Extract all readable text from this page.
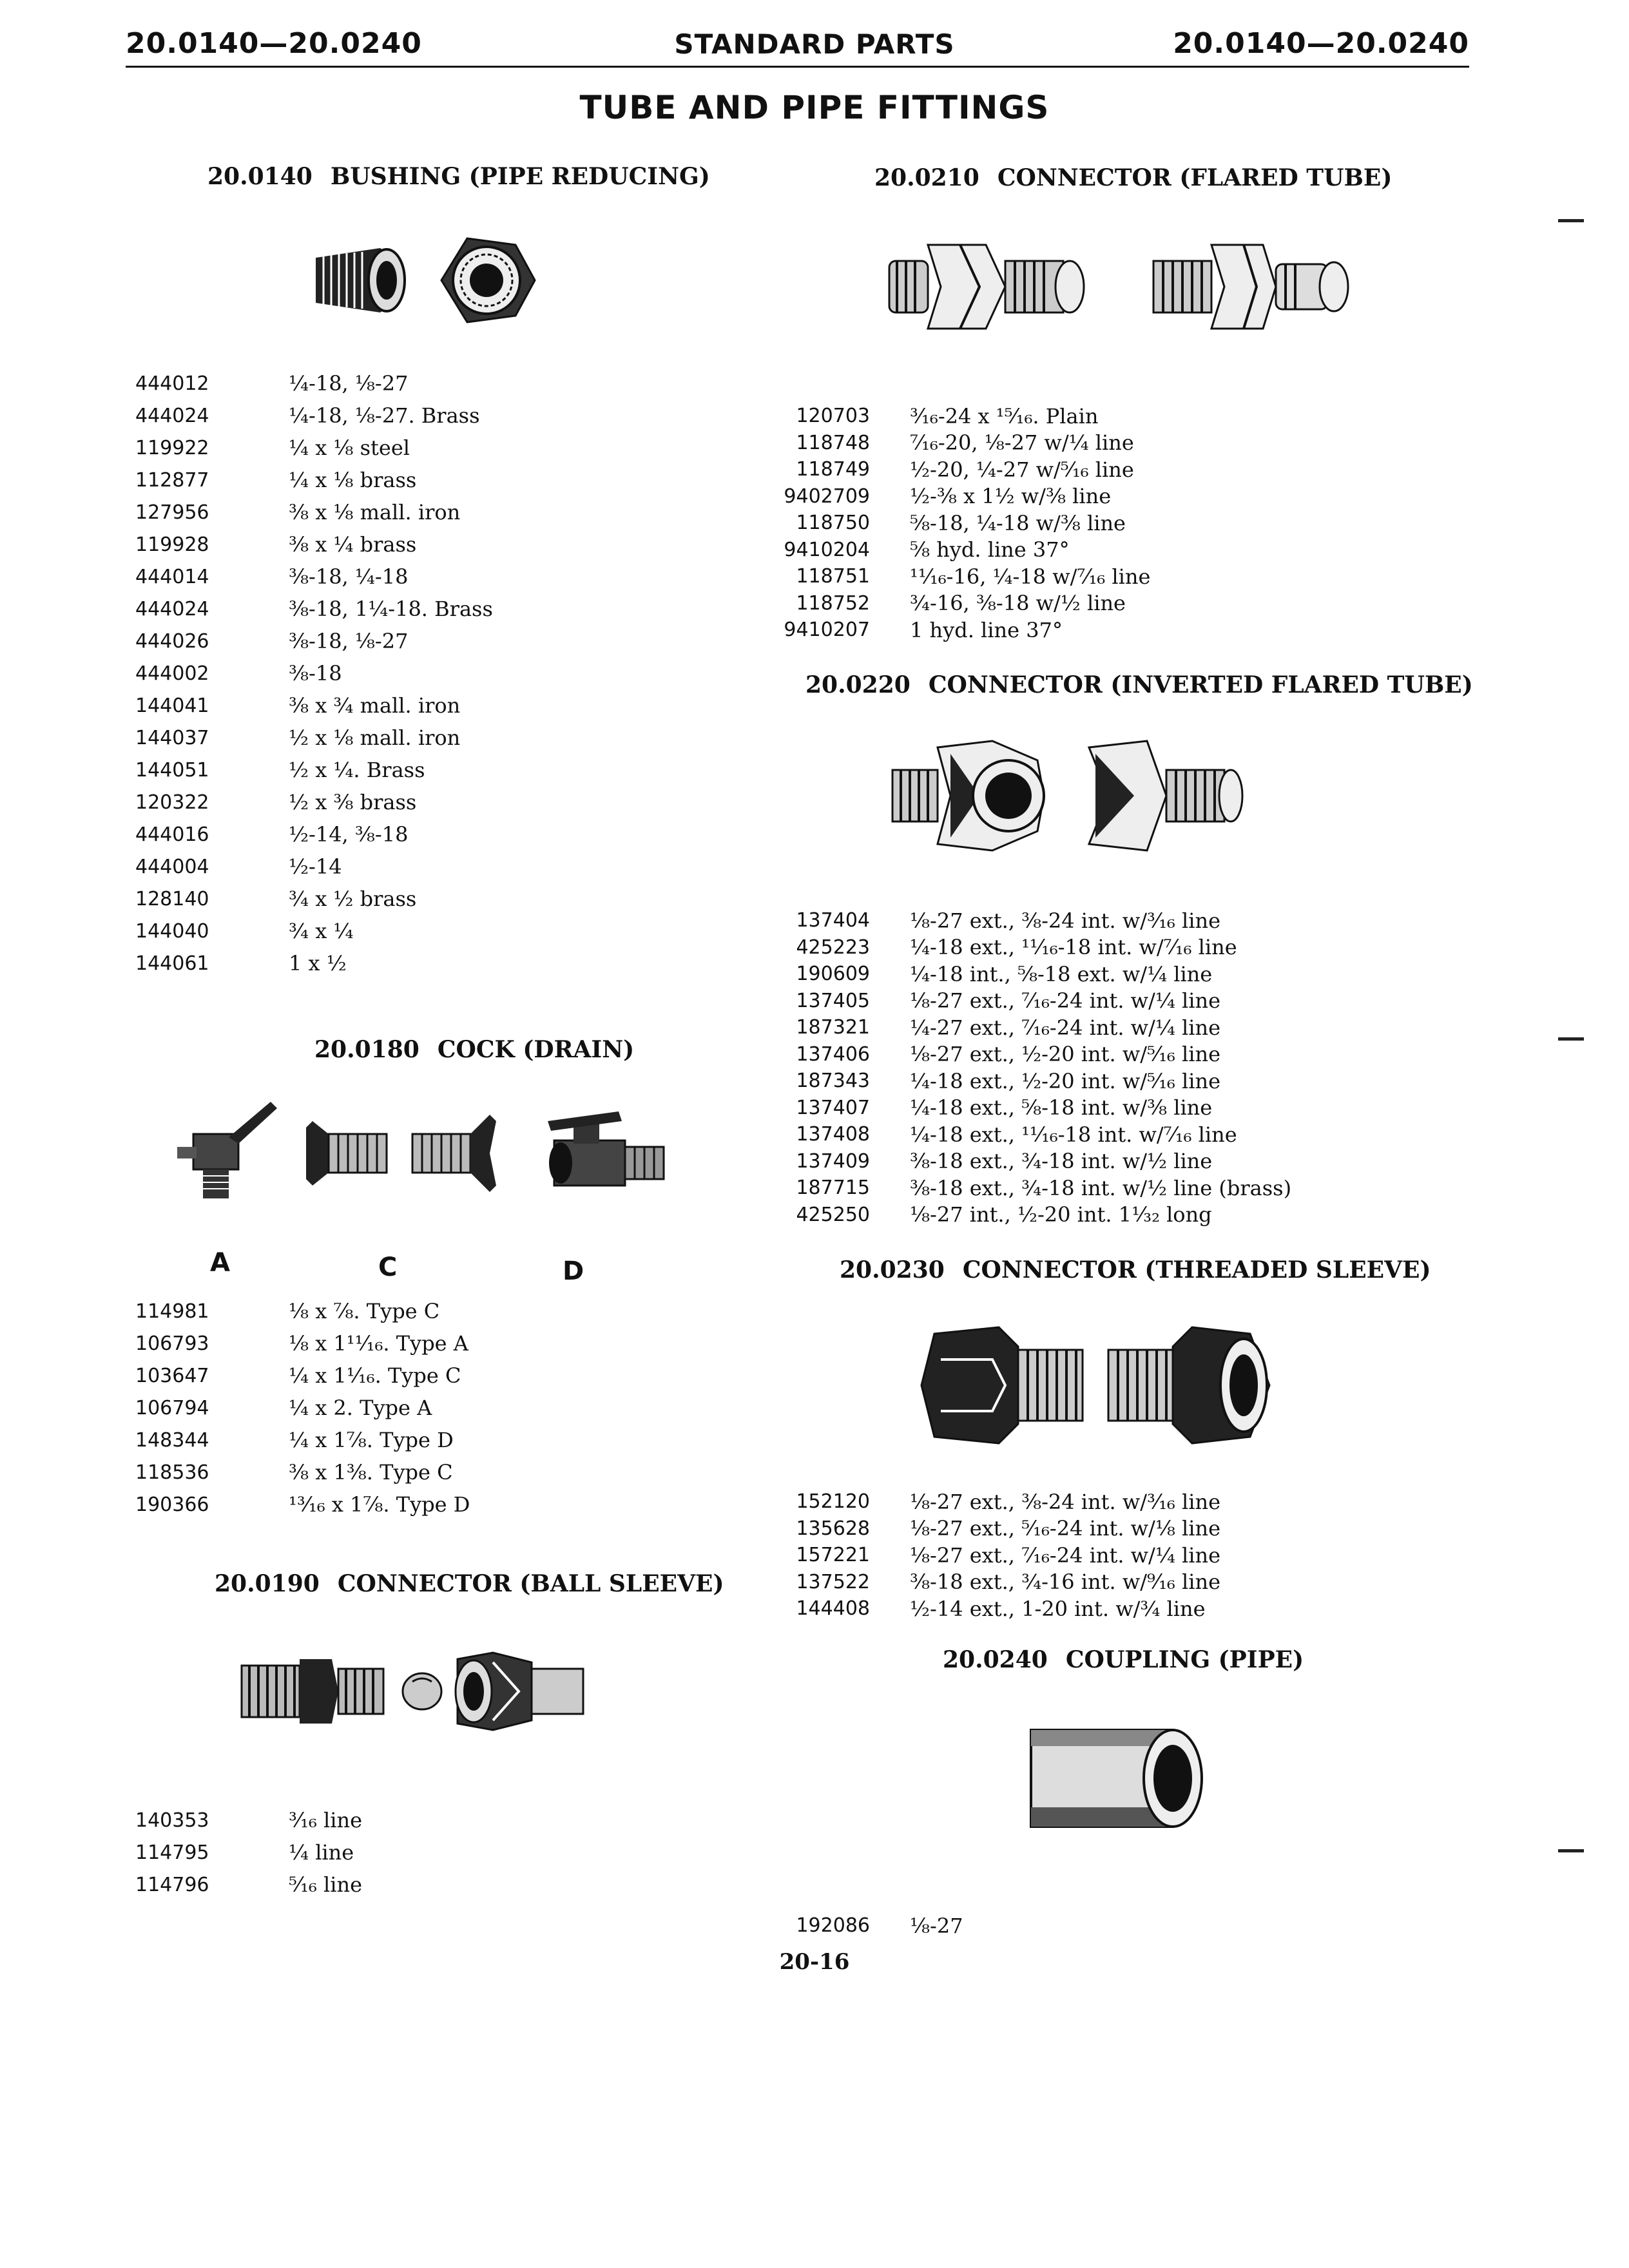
20.0140—20.0240	STANDARD PARTS	20.0140—20.0240
TUBE AND PIPE FITTINGS
20.0140 BUSHING (PIPE REDUCING)
444012	¼-18, ⅛-27
444024	¼-18, ⅛-27. Brass
119922	¼ x ⅛ steel
112877	¼ x ⅛ brass
127956	⅜ x ⅛ mall. iron
119928	⅜ x ¼ brass
444014	⅜-18, ¼-18
444024	⅜-18, 1¼-18. Brass
444026	⅜-18, ⅛-27
444002	⅜-18
144041	⅜ x ¾ mall. iron
144037	½ x ⅛ mall. iron
144051	½ x ¼. Brass
120322	½ x ⅜ brass
444016	½-14, ⅜-18
444004	½-14
128140	¾ x ½ brass
144040	¾ x ¼
144061	1 x ½
20.0180 COCK (DRAIN)
A	C	D
114981	⅛ x ⅞. Type C
106793	⅛ x 1¹¹⁄₁₆. Type A
103647	¼ x 1¹⁄₁₆. Type C
106794	¼ x 2. Type A
148344	¼ x 1⅞. Type D
118536	⅜ x 1⅜. Type C
190366	¹³⁄₁₆ x 1⅞. Type D
20.0190 CONNECTOR (BALL SLEEVE)
140353	³⁄₁₆ line
114795	¼ line
114796	⁵⁄₁₆ line
20.0210 CONNECTOR (FLARED TUBE)
120703 ³⁄₁₆-24 x ¹⁵⁄₁₆. Plain
118748 ⁷⁄₁₆-20, ⅛-27 w/¼ line
118749 ½-20, ¼-27 w/⁵⁄₁₆ line
9402709 ½-⅜ x 1½ w/⅜ line
118750 ⅝-18, ¼-18 w/⅜ line
9410204 ⅝ hyd. line 37°
118751 ¹¹⁄₁₆-16, ¼-18 w/⁷⁄₁₆ line
118752 ¾-16, ⅜-18 w/½ line
9410207 1 hyd. line 37°
20.0220 CONNECTOR (INVERTED FLARED TUBE)
137404 ⅛-27 ext., ⅜-24 int. w/³⁄₁₆ line
425223 ¼-18 ext., ¹¹⁄₁₆-18 int. w/⁷⁄₁₆ line
190609 ¼-18 int., ⅝-18 ext. w/¼ line
137405 ⅛-27 ext., ⁷⁄₁₆-24 int. w/¼ line
187321 ¼-27 ext., ⁷⁄₁₆-24 int. w/¼ line
137406 ⅛-27 ext., ½-20 int. w/⁵⁄₁₆ line
187343 ¼-18 ext., ½-20 int. w/⁵⁄₁₆ line
137407 ¼-18 ext., ⅝-18 int. w/⅜ line
137408 ¼-18 ext., ¹¹⁄₁₆-18 int. w/⁷⁄₁₆ line
137409 ⅜-18 ext., ¾-18 int. w/½ line
187715 ⅜-18 ext., ¾-18 int. w/½ line (brass)
425250 ⅛-27 int., ½-20 int. 1¹⁄₃₂ long
20.0230 CONNECTOR (THREADED SLEEVE)
152120 ⅛-27 ext., ⅜-24 int. w/³⁄₁₆ line
135628 ⅛-27 ext., ⁵⁄₁₆-24 int. w/⅛ line
157221 ⅛-27 ext., ⁷⁄₁₆-24 int. w/¼ line
137522 ⅜-18 ext., ¾-16 int. w/⁹⁄₁₆ line
144408 ½-14 ext., 1-20 int. w/¾ line
20.0240 COUPLING (PIPE)
192086 ⅛-27
20-16
